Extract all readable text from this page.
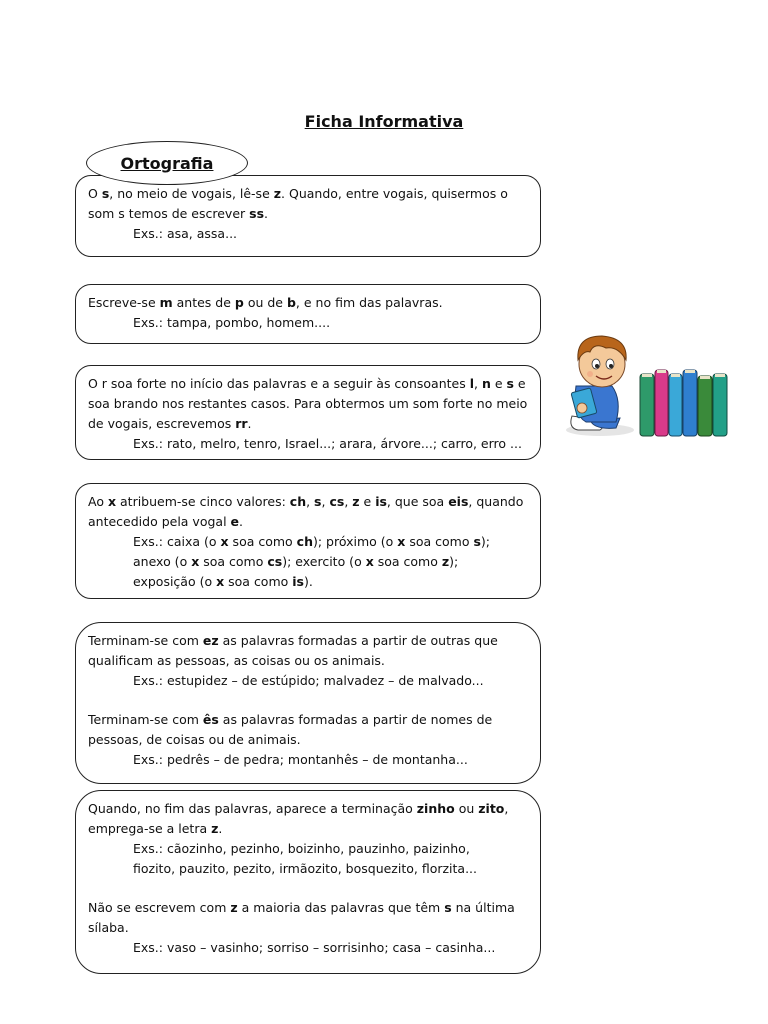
Ficha Informativa
Ortografia

O s, no meio de vogais, lê-se z. Quando, entre vogais, quisermos o som s temos de escrever ss.

Exs.: asa, assa...

Escreve-se m antes de p ou de b, e no fim das palavras.

Exs.: tampa, pombo, homem....

O r soa forte no início das palavras e a seguir às consoantes l, n e s e soa brando nos restantes casos. Para obtermos um som forte no meio de vogais, escrevemos rr.

Exs.: rato, melro, tenro, Israel...; arara, árvore...; carro, erro ...

Ao x atribuem-se cinco valores: ch, s, cs, z e is, que soa eis, quando antecedido pela vogal e.

Exs.: caixa (o x soa como ch); próximo (o x soa como s);

anexo (o x soa como cs); exercito (o x soa como z);

exposição (o x soa como is).

Terminam-se com ez as palavras formadas a partir de outras que qualificam as pessoas, as coisas ou os animais.

Exs.: estupidez – de estúpido; malvadez – de malvado...

Terminam-se com ês as palavras formadas a partir de nomes de pessoas, de coisas ou de animais.

Exs.: pedrês – de pedra; montanhês – de montanha...

Quando, no fim das palavras, aparece a terminação zinho ou zito, emprega-se a letra z.

Exs.: cãozinho, pezinho, boizinho, pauzinho, paizinho,

fiozito, pauzito, pezito, irmãozito, bosquezito, florzita...

Não se escrevem com z a maioria das palavras que têm s na última sílaba.

Exs.: vaso – vasinho; sorriso – sorrisinho; casa – casinha...
